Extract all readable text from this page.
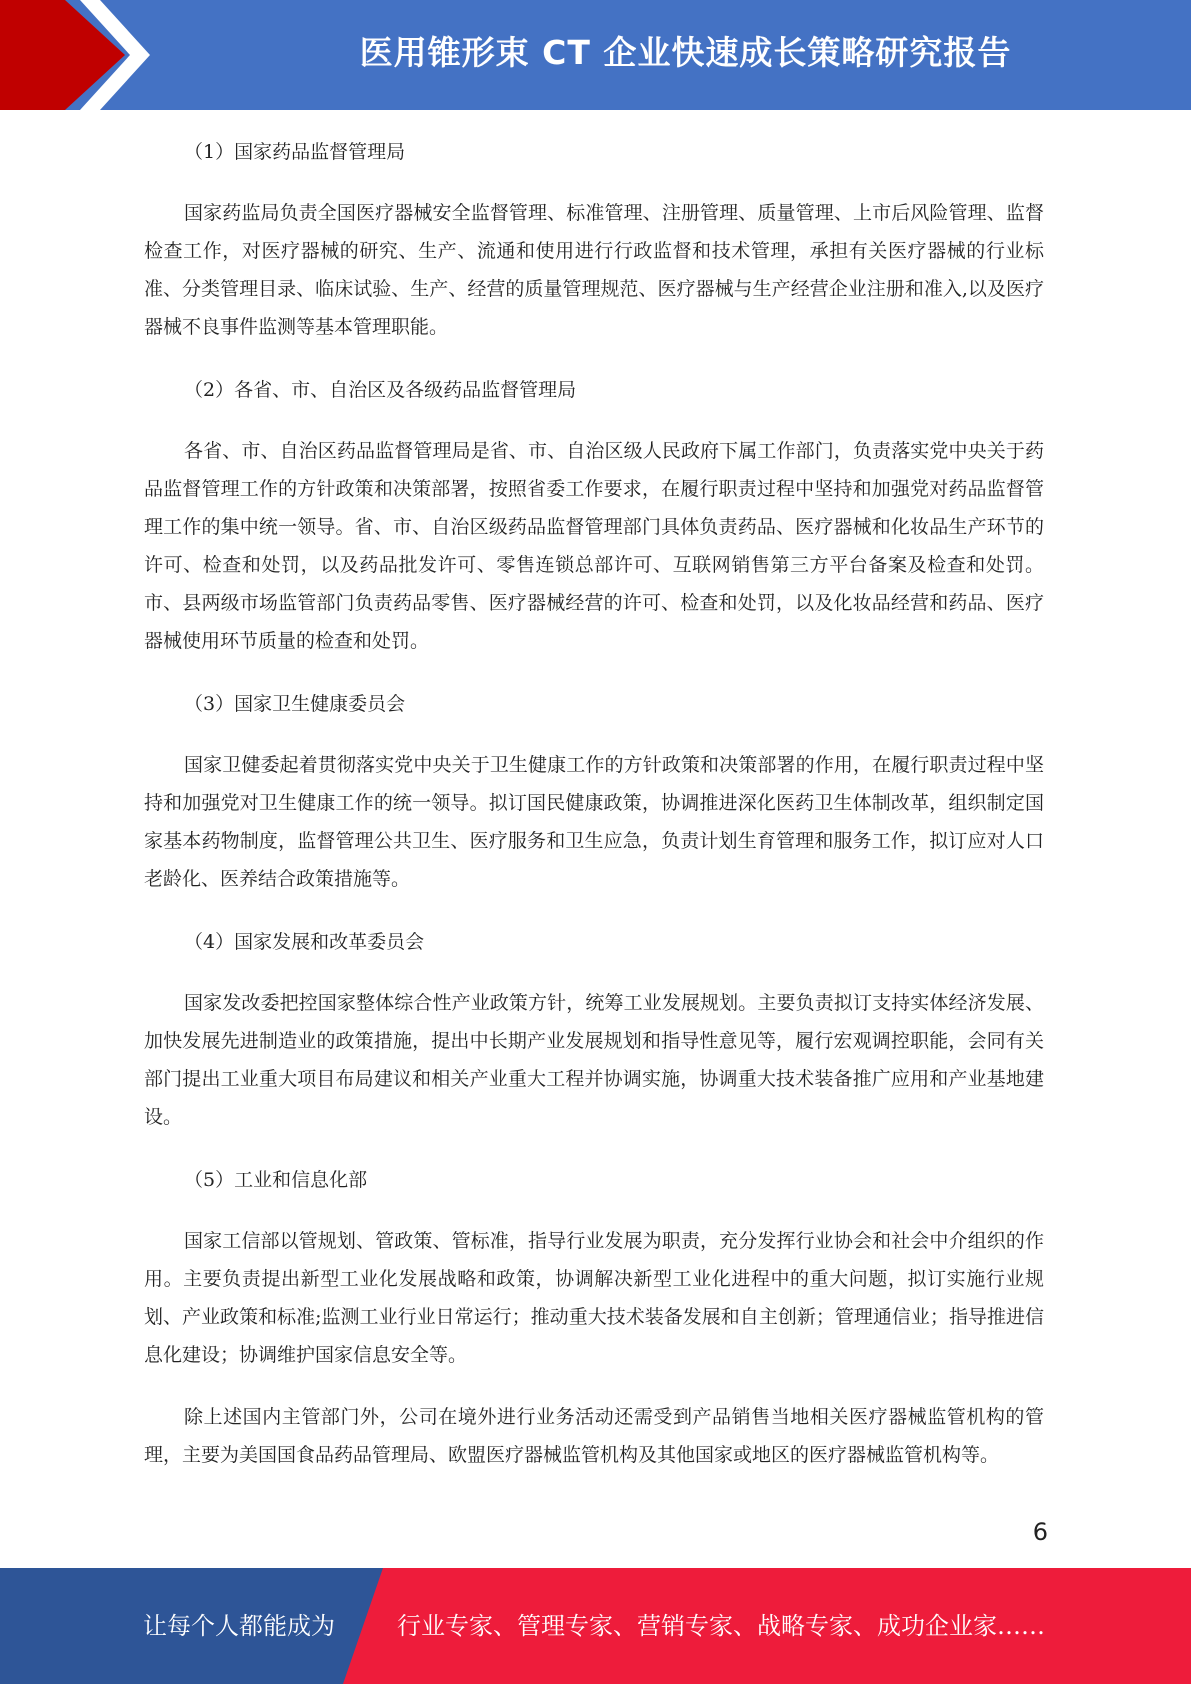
医用锥形束 CT 企业快速成长策略研究报告

（1）国家药品监督管理局

国家药监局负责全国医疗器械安全监督管理、标准管理、注册管理、质量管理、上市后风险管理、监督检查工作，对医疗器械的研究、生产、流通和使用进行行政监督和技术管理，承担有关医疗器械的行业标准、分类管理目录、临床试验、生产、经营的质量管理规范、医疗器械与生产经营企业注册和准入,以及医疗器械不良事件监测等基本管理职能。

（2）各省、市、自治区及各级药品监督管理局

各省、市、自治区药品监督管理局是省、市、自治区级人民政府下属工作部门，负责落实党中央关于药品监督管理工作的方针政策和决策部署，按照省委工作要求，在履行职责过程中坚持和加强党对药品监督管理工作的集中统一领导。省、市、自治区级药品监督管理部门具体负责药品、医疗器械和化妆品生产环节的许可、检查和处罚，以及药品批发许可、零售连锁总部许可、互联网销售第三方平台备案及检查和处罚。市、县两级市场监管部门负责药品零售、医疗器械经营的许可、检查和处罚，以及化妆品经营和药品、医疗器械使用环节质量的检查和处罚。

（3）国家卫生健康委员会

国家卫健委起着贯彻落实党中央关于卫生健康工作的方针政策和决策部署的作用，在履行职责过程中坚持和加强党对卫生健康工作的统一领导。拟订国民健康政策，协调推进深化医药卫生体制改革，组织制定国家基本药物制度，监督管理公共卫生、医疗服务和卫生应急，负责计划生育管理和服务工作，拟订应对人口老龄化、医养结合政策措施等。

（4）国家发展和改革委员会

国家发改委把控国家整体综合性产业政策方针，统筹工业发展规划。主要负责拟订支持实体经济发展、加快发展先进制造业的政策措施，提出中长期产业发展规划和指导性意见等，履行宏观调控职能，会同有关部门提出工业重大项目布局建议和相关产业重大工程并协调实施，协调重大技术装备推广应用和产业基地建设。

（5）工业和信息化部

国家工信部以管规划、管政策、管标准，指导行业发展为职责，充分发挥行业协会和社会中介组织的作用。主要负责提出新型工业化发展战略和政策，协调解决新型工业化进程中的重大问题，拟订实施行业规划、产业政策和标准;监测工业行业日常运行；推动重大技术装备发展和自主创新；管理通信业；指导推进信息化建设；协调维护国家信息安全等。

除上述国内主管部门外，公司在境外进行业务活动还需受到产品销售当地相关医疗器械监管机构的管理，主要为美国国食品药品管理局、欧盟医疗器械监管机构及其他国家或地区的医疗器械监管机构等。

6
让每个人都能成为	行业专家、管理专家、营销专家、战略专家、成功企业家……
